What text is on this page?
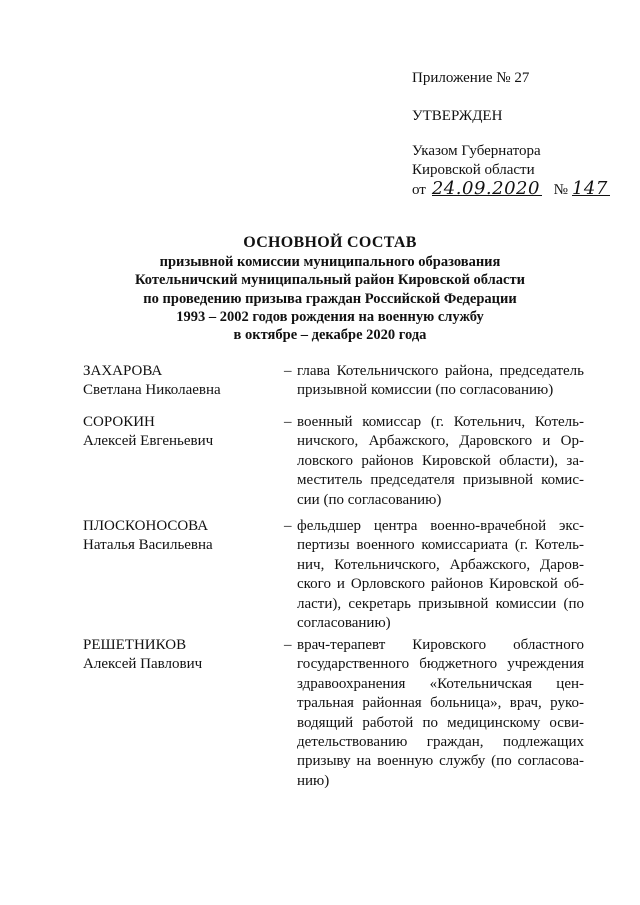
Приложение № 27
УТВЕРЖДЕН
Указом Губернатора
Кировской области
от 24.09.2020 № 147
ОСНОВНОЙ СОСТАВ
призывной комиссии муниципального образования
Котельничский муниципальный район Кировской области
по проведению призыва граждан Российской Федерации
1993 – 2002 годов рождения на военную службу
в октябре – декабре 2020 года
ЗАХАРОВА
Светлана Николаевна
– глава Котельничского района, председатель
призывной комиссии (по согласованию)
СОРОКИН
Алексей Евгеньевич
– военный комиссар (г. Котельнич, Котель-
ничского, Арбажского, Даровского и Ор-
ловского районов Кировской области), за-
меститель председателя призывной комис-
сии (по согласованию)
ПЛОСКОНОСОВА
Наталья Васильевна
– фельдшер центра военно-врачебной экс-
пертизы военного комиссариата (г. Котель-
нич, Котельничского, Арбажского, Даров-
ского и Орловского районов Кировской об-
ласти), секретарь призывной комиссии (по
согласованию)
РЕШЕТНИКОВ
Алексей Павлович
– врач-терапевт Кировского областного
государственного бюджетного учреждения
здравоохранения «Котельничская цен-
тральная районная больница», врач, руко-
водящий работой по медицинскому осви-
детельствованию граждан, подлежащих
призыву на военную службу (по согласова-
нию)
